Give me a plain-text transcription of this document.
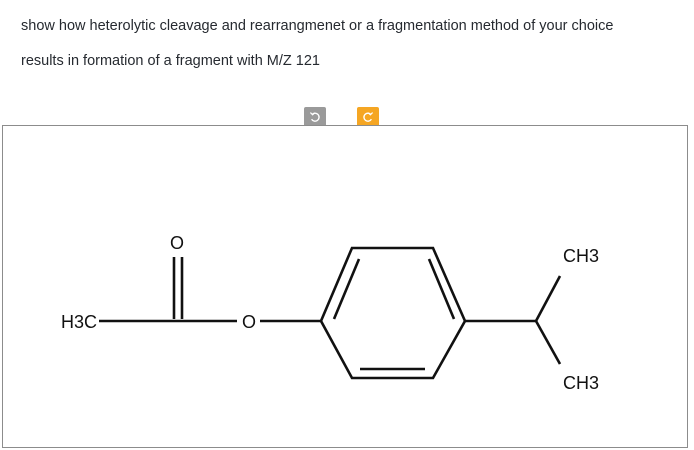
show how heterolytic cleavage and rearrangmenet or a fragmentation method of your choice
results in formation of a fragment with M/Z 121
H3C
O
O
CH3
CH3
